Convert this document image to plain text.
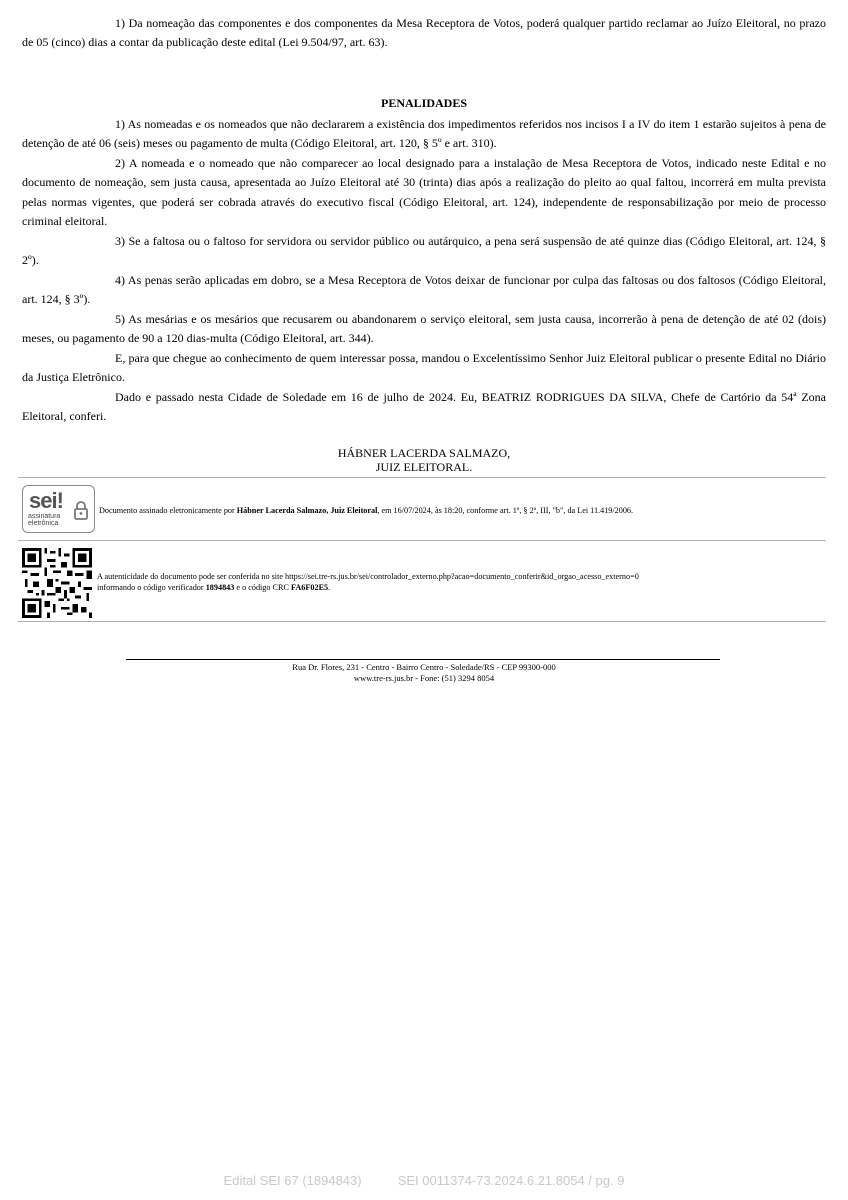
1) Da nomeação das componentes e dos componentes da Mesa Receptora de Votos, poderá qualquer partido reclamar ao Juízo Eleitoral, no prazo de 05 (cinco) dias a contar da publicação deste edital (Lei 9.504/97, art. 63).

PENALIDADES

1) As nomeadas e os nomeados que não declararem a existência dos impedimentos referidos nos incisos I a IV do item 1 estarão sujeitos à pena de detenção de até 06 (seis) meses ou pagamento de multa (Código Eleitoral, art. 120, § 5º e art. 310).

2) A nomeada e o nomeado que não comparecer ao local designado para a instalação de Mesa Receptora de Votos, indicado neste Edital e no documento de nomeação, sem justa causa, apresentada ao Juízo Eleitoral até 30 (trinta) dias após a realização do pleito ao qual faltou, incorrerá em multa prevista pelas normas vigentes, que poderá ser cobrada através do executivo fiscal (Código Eleitoral, art. 124), independente de responsabilização por meio de processo criminal eleitoral.

3) Se a faltosa ou o faltoso for servidora ou servidor público ou autárquico, a pena será suspensão de até quinze dias (Código Eleitoral, art. 124, § 2º).

4) As penas serão aplicadas em dobro, se a Mesa Receptora de Votos deixar de funcionar por culpa das faltosas ou dos faltosos (Código Eleitoral, art. 124, § 3º).

5) As mesárias e os mesários que recusarem ou abandonarem o serviço eleitoral, sem justa causa, incorrerão à pena de detenção de até 02 (dois) meses, ou pagamento de 90 a 120 dias-multa (Código Eleitoral, art. 344).

E, para que chegue ao conhecimento de quem interessar possa, mandou o Excelentíssimo Senhor Juiz Eleitoral publicar o presente Edital no Diário da Justiça Eletrônico.

Dado e passado nesta Cidade de Soledade em 16 de julho de 2024. Eu, BEATRIZ RODRIGUES DA SILVA, Chefe de Cartório da 54ª Zona Eleitoral, conferi.

HÁBNER LACERDA SALMAZO,
JUIZ ELEITORAL.
sei!
assinatura
eletrônica
Documento assinado eletronicamente por Hábner Lacerda Salmazo, Juiz Eleitoral, em 16/07/2024, às 18:20, conforme art. 1º, § 2º, III, "b", da Lei 11.419/2006.
A autenticidade do documento pode ser conferida no site https://sei.tre-rs.jus.br/sei/controlador_externo.php?acao=documento_conferir&id_orgao_acesso_externo=0
informando o código verificador 1894843 e o código CRC FA6F02E5.
Rua Dr. Flores, 231 - Centro - Bairro Centro - Soledade/RS - CEP 99300-000
www.tre-rs.jus.br - Fone: (51) 3294 8054
Edital SEI 67 (1894843)	SEI 0011374-73.2024.6.21.8054 / pg. 9
